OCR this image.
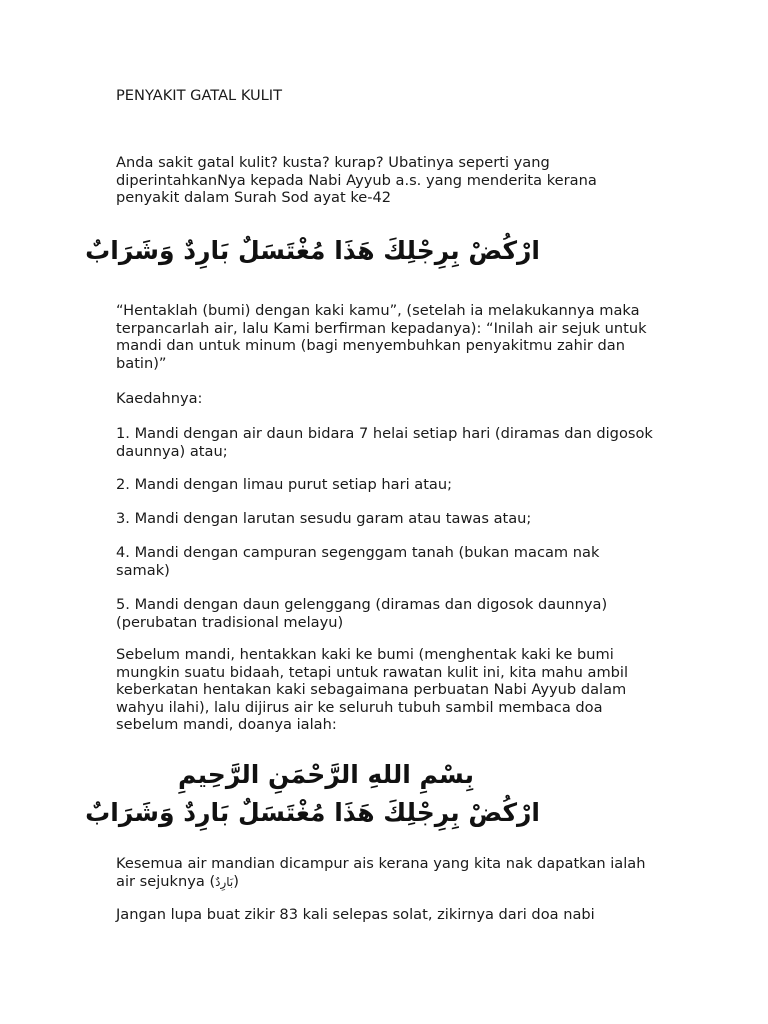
PENYAKIT GATAL KULIT

Anda sakit gatal kulit? kusta? kurap? Ubatinya seperti yang diperintahkanNya kepada Nabi Ayyub a.s. yang menderita kerana penyakit dalam Surah Sod ayat ke-42

ارْكُضْ بِرِجْلِكَ هَذَا مُغْتَسَلٌ بَارِدٌ وَشَرَابٌ

“Hentaklah (bumi) dengan kaki kamu”, (setelah ia melakukannya maka terpancarlah air, lalu Kami berfirman kepadanya): “Inilah air sejuk untuk mandi dan untuk minum (bagi menyembuhkan penyakitmu zahir dan batin)”

Kaedahnya:

1. Mandi dengan air daun bidara 7 helai setiap hari (diramas dan digosok daunnya) atau;

2. Mandi dengan limau purut setiap hari atau;

3. Mandi dengan larutan sesudu garam atau tawas atau;

4. Mandi dengan campuran segenggam tanah (bukan macam nak samak)

5. Mandi dengan daun gelenggang (diramas dan digosok daunnya) (perubatan tradisional melayu)

Sebelum mandi, hentakkan kaki ke bumi (menghentak kaki ke bumi mungkin suatu bidaah, tetapi untuk rawatan kulit ini, kita mahu ambil keberkatan hentakan kaki sebagaimana perbuatan Nabi Ayyub dalam wahyu ilahi), lalu dijirus air ke seluruh tubuh sambil membaca doa sebelum mandi, doanya ialah:

بِسْمِ اللهِ الرَّحْمَنِ الرَّحِيمِ
ارْكُضْ بِرِجْلِكَ هَذَا مُغْتَسَلٌ بَارِدٌ وَشَرَابٌ

Kesemua air mandian dicampur ais kerana yang kita nak dapatkan ialah air sejuknya (بَارِدٌ)

Jangan lupa buat zikir 83 kali selepas solat, zikirnya dari doa nabi
